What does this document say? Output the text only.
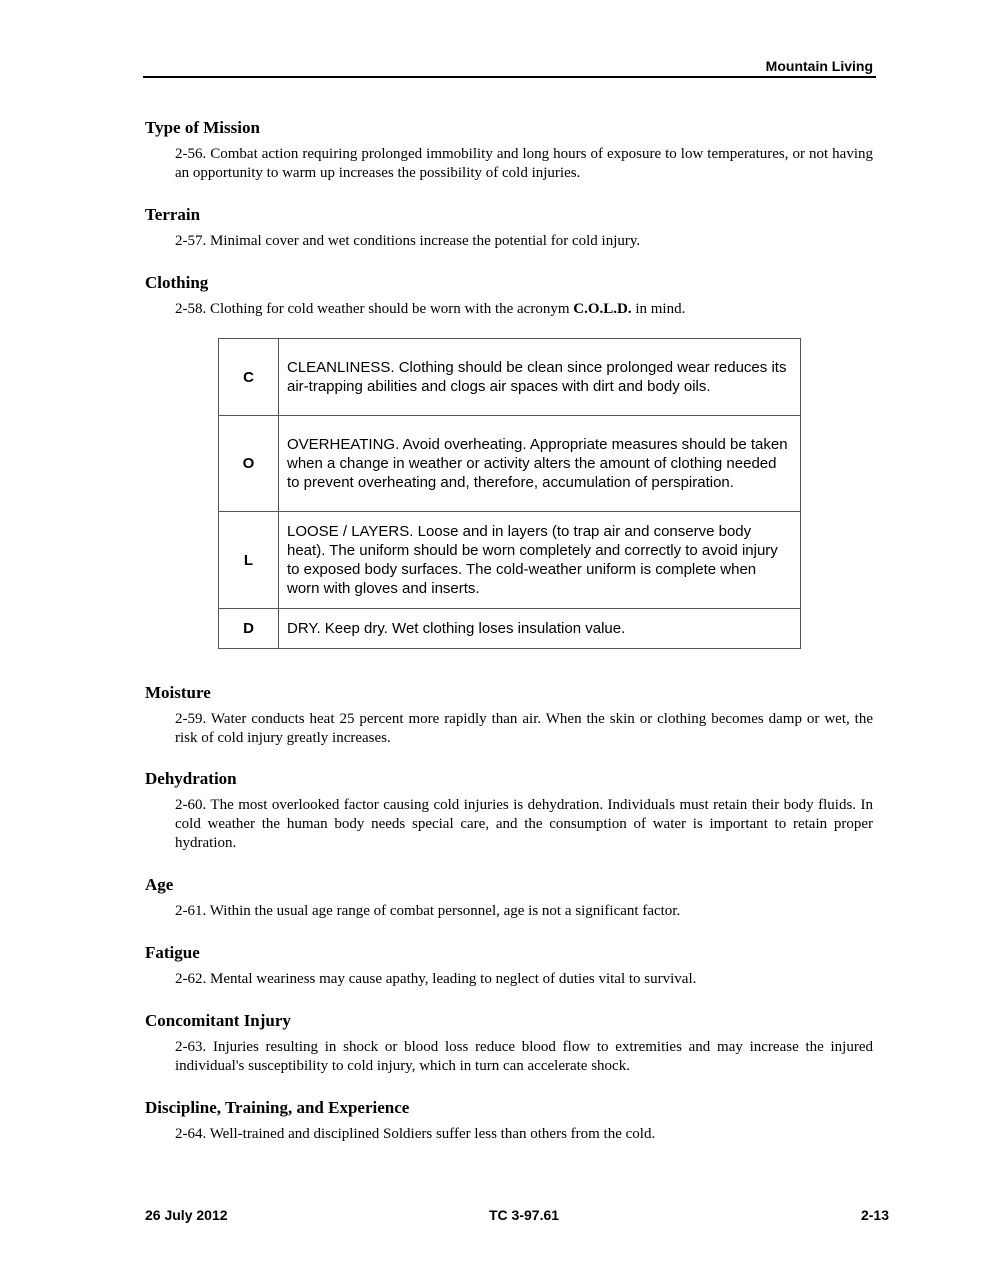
Mountain Living
Type of Mission

2-56. Combat action requiring prolonged immobility and long hours of exposure to low temperatures, or not having an opportunity to warm up increases the possibility of cold injuries.

Terrain

2-57. Minimal cover and wet conditions increase the potential for cold injury.

Clothing

2-58. Clothing for cold weather should be worn with the acronym C.O.L.D. in mind.

C	CLEANLINESS. Clothing should be clean since prolonged wear reduces its air-trapping abilities and clogs air spaces with dirt and body oils.
O	OVERHEATING. Avoid overheating. Appropriate measures should be taken when a change in weather or activity alters the amount of clothing needed to prevent overheating and, therefore, accumulation of perspiration.
L	LOOSE / LAYERS. Loose and in layers (to trap air and conserve body heat). The uniform should be worn completely and correctly to avoid injury to exposed body surfaces. The cold-weather uniform is complete when worn with gloves and inserts.
D	DRY. Keep dry. Wet clothing loses insulation value.
Moisture

2-59. Water conducts heat 25 percent more rapidly than air. When the skin or clothing becomes damp or wet, the risk of cold injury greatly increases.

Dehydration

2-60. The most overlooked factor causing cold injuries is dehydration. Individuals must retain their body fluids. In cold weather the human body needs special care, and the consumption of water is important to retain proper hydration.

Age

2-61. Within the usual age range of combat personnel, age is not a significant factor.

Fatigue

2-62. Mental weariness may cause apathy, leading to neglect of duties vital to survival.

Concomitant Injury

2-63. Injuries resulting in shock or blood loss reduce blood flow to extremities and may increase the injured individual's susceptibility to cold injury, which in turn can accelerate shock.

Discipline, Training, and Experience

2-64. Well-trained and disciplined Soldiers suffer less than others from the cold.

26 July 2012	TC 3-97.61	2-13
